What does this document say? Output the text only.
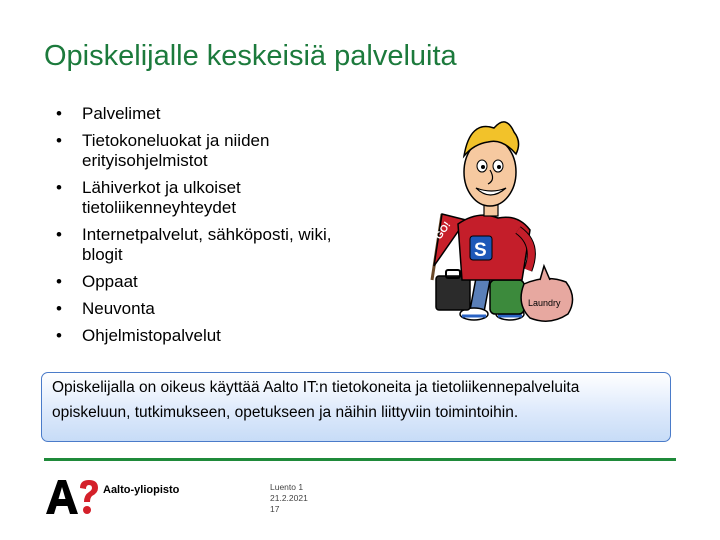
Opiskelijalle keskeisiä palveluita
• Palvelimet
• Tietokoneluokat ja niiden erityisohjelmistot
• Lähiverkot ja ulkoiset tietoliikenneyhteydet
• Internetpalvelut, sähköposti, wiki, blogit
• Oppaat
• Neuvonta
• Ohjelmistopalvelut
GO!
S
Laundry
Opiskelijalla on oikeus käyttää Aalto IT:n tietokoneita ja tietoliikennepalveluita opiskeluun, tutkimukseen, opetukseen ja näihin liittyviin toimintoihin.
Aalto-yliopisto	Luento 1
21.2.2021
17
